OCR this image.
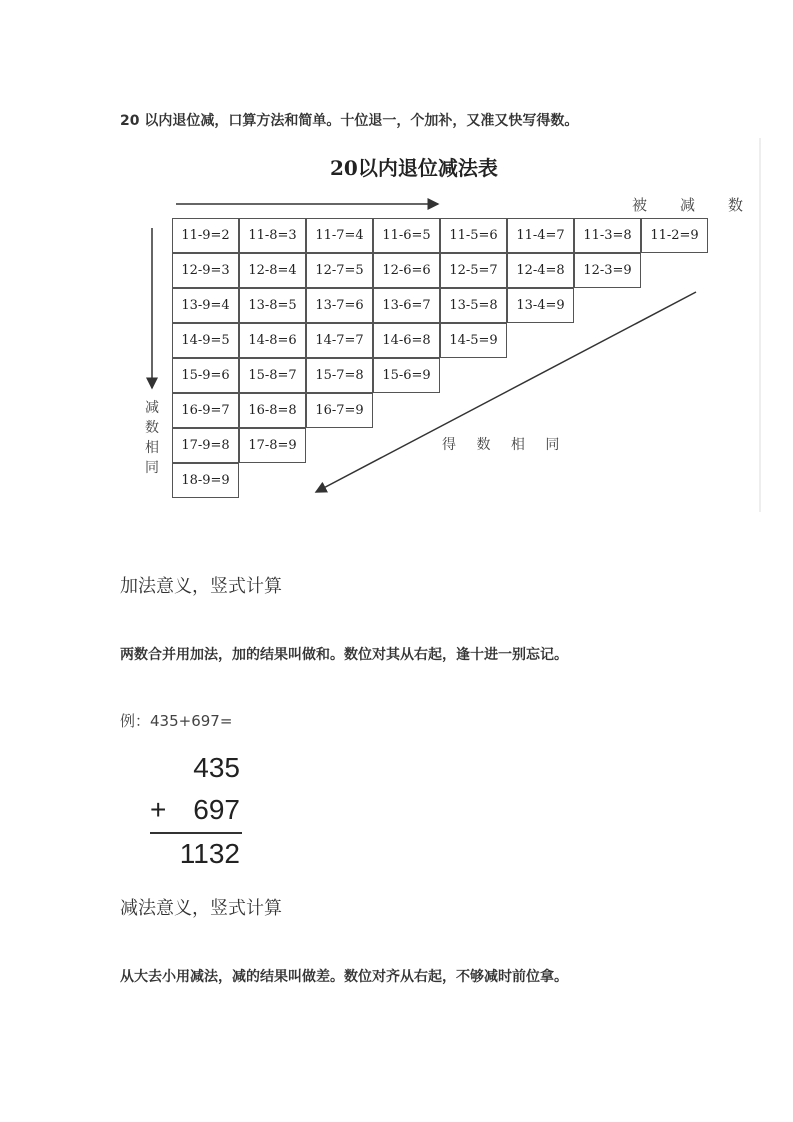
20 以内退位减，口算方法和简单。十位退一，个加补，又准又快写得数。
20以内退位减法表
被 减 数
减
数
相
同
得 数 相 同
11-9=2	11-8=3	11-7=4	11-6=5	11-5=6	11-4=7	11-3=8	11-2=9
12-9=3	12-8=4	12-7=5	12-6=6	12-5=7	12-4=8	12-3=9
13-9=4	13-8=5	13-7=6	13-6=7	13-5=8	13-4=9
14-9=5	14-8=6	14-7=7	14-6=8	14-5=9
15-9=6	15-8=7	15-7=8	15-6=9
16-9=7	16-8=8	16-7=9
17-9=8	17-8=9
18-9=9
加法意义，竖式计算
两数合并用加法，加的结果叫做和。数位对其从右起，逢十进一别忘记。
例：435+697=
435
+ 697
1132
减法意义，竖式计算
从大去小用减法，减的结果叫做差。数位对齐从右起，不够减时前位拿。
